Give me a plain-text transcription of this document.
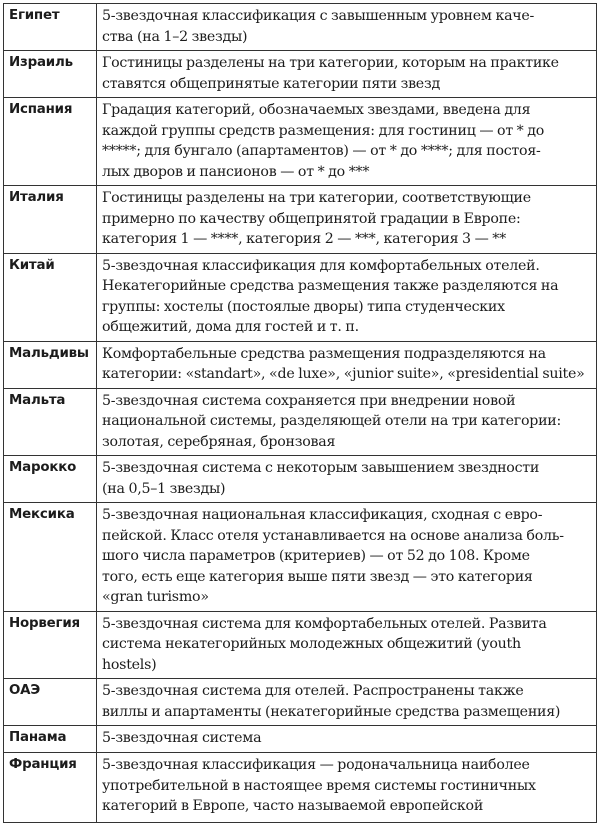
Египет	5-звездочная классификация с завышенным уровнем каче-
ства (на 1–2 звезды)

Израиль	Гостиницы разделены на три категории, которым на практике
ставятся общепринятые категории пяти звезд

Испания	Градация категорий, обозначаемых звездами, введена для
каждой группы средств размещения: для гостиниц — от * до
*****; для бунгало (апартаментов) — от * до ****; для постоя-
лых дворов и пансионов — от * до ***

Италия	Гостиницы разделены на три категории, соответствующие
примерно по качеству общепринятой градации в Европе:
категория 1 — ****, категория 2 — ***, категория 3 — **

Китай	5-звездочная классификация для комфортабельных отелей.
Некатегорийные средства размещения также разделяются на
группы: хостелы (постоялые дворы) типа студенческих
общежитий, дома для гостей и т. п.

Мальдивы	Комфортабельные средства размещения подразделяются на
категории: «standart», «de luxe», «junior suite», «presidential suite»

Мальта	5-звездочная система сохраняется при внедрении новой
национальной системы, разделяющей отели на три категории:
золотая, серебряная, бронзовая

Марокко	5-звездочная система с некоторым завышением звездности
(на 0,5–1 звезды)

Мексика	5-звездочная национальная классификация, сходная с евро-
пейской. Класс отеля устанавливается на основе анализа боль-
шого числа параметров (критериев) — от 52 до 108. Кроме
того, есть еще категория выше пяти звезд — это категория
«gran turismo»

Норвегия	5-звездочная система для комфортабельных отелей. Развита
система некатегорийных молодежных общежитий (youth
hostels)

ОАЭ	5-звездочная система для отелей. Распространены также
виллы и апартаменты (некатегорийные средства размещения)

Панама	5-звездочная система

Франция	5-звездочная классификация — родоначальница наиболее
употребительной в настоящее время системы гостиничных
категорий в Европе, часто называемой европейской
